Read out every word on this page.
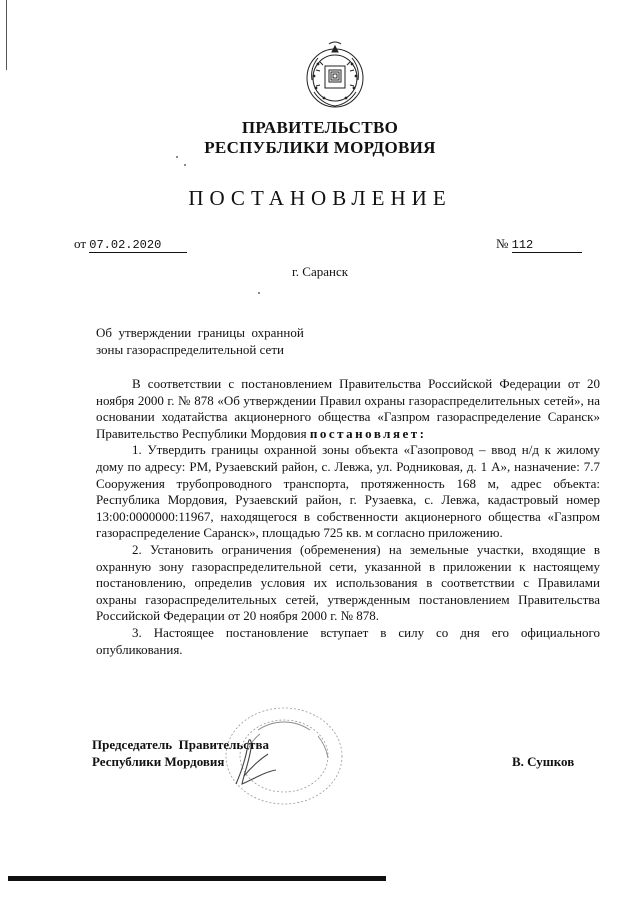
ПРАВИТЕЛЬСТВО
РЕСПУБЛИКИ МОРДОВИЯ
ПОСТАНОВЛЕНИЕ
от 07.02.2020	№ 112
г. Саранск
Об  утверждении  границы  охранной
зоны газораспределительной сети

В соответствии с постановлением Правительства Российской Федерации от 20 ноября 2000 г. № 878 «Об утверждении Правил охраны газораспределительных сетей», на основании ходатайства акционерного общества «Газпром газораспределение Саранск» Правительство Республики Мордовия постановляет:

1. Утвердить границы охранной зоны объекта «Газопровод – ввод н/д к жилому дому по адресу: РМ, Рузаевский район, с. Левжа, ул. Родниковая, д. 1 А», назначение: 7.7 Сооружения трубопроводного транспорта, протяженность 168 м, адрес объекта: Республика Мордовия, Рузаевский район, г. Рузаевка, с. Левжа, кадастровый номер 13:00:0000000:11967, находящегося в собственности акционерного общества «Газпром газораспределение Саранск», площадью 725 кв. м согласно приложению.

2. Установить ограничения (обременения) на земельные участки, входящие в охранную зону газораспределительной сети, указанной в приложении к настоящему постановлению, определив условия их использования в соответствии с Правилами охраны газораспределительных сетей, утвержденным постановлением Правительства Российской Федерации от 20 ноября 2000 г. № 878.

3. Настоящее постановление вступает в силу со дня его официального опубликования.

Председатель  Правительства
Республики Мордовия	В. Сушков
